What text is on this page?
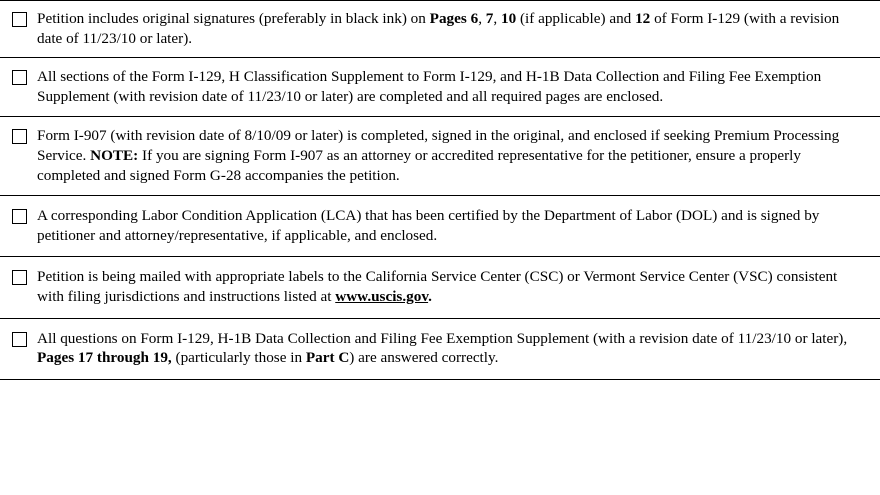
Petition includes original signatures (preferably in black ink) on Pages 6, 7, 10 (if applicable) and 12 of Form I-129 (with a revision date of 11/23/10 or later).
All sections of the Form I-129, H Classification Supplement to Form I-129, and H-1B Data Collection and Filing Fee Exemption Supplement (with revision date of 11/23/10 or later) are completed and all required pages are enclosed.
Form I-907 (with revision date of 8/10/09 or later) is completed, signed in the original, and enclosed if seeking Premium Processing Service. NOTE: If you are signing Form I-907 as an attorney or accredited representative for the petitioner, ensure a properly completed and signed Form G-28 accompanies the petition.
A corresponding Labor Condition Application (LCA) that has been certified by the Department of Labor (DOL) and is signed by petitioner and attorney/representative, if applicable, and enclosed.
Petition is being mailed with appropriate labels to the California Service Center (CSC) or Vermont Service Center (VSC) consistent with filing jurisdictions and instructions listed at www.uscis.gov.
All questions on Form I-129, H-1B Data Collection and Filing Fee Exemption Supplement (with a revision date of 11/23/10 or later), Pages 17 through 19, (particularly those in Part C) are answered correctly.
